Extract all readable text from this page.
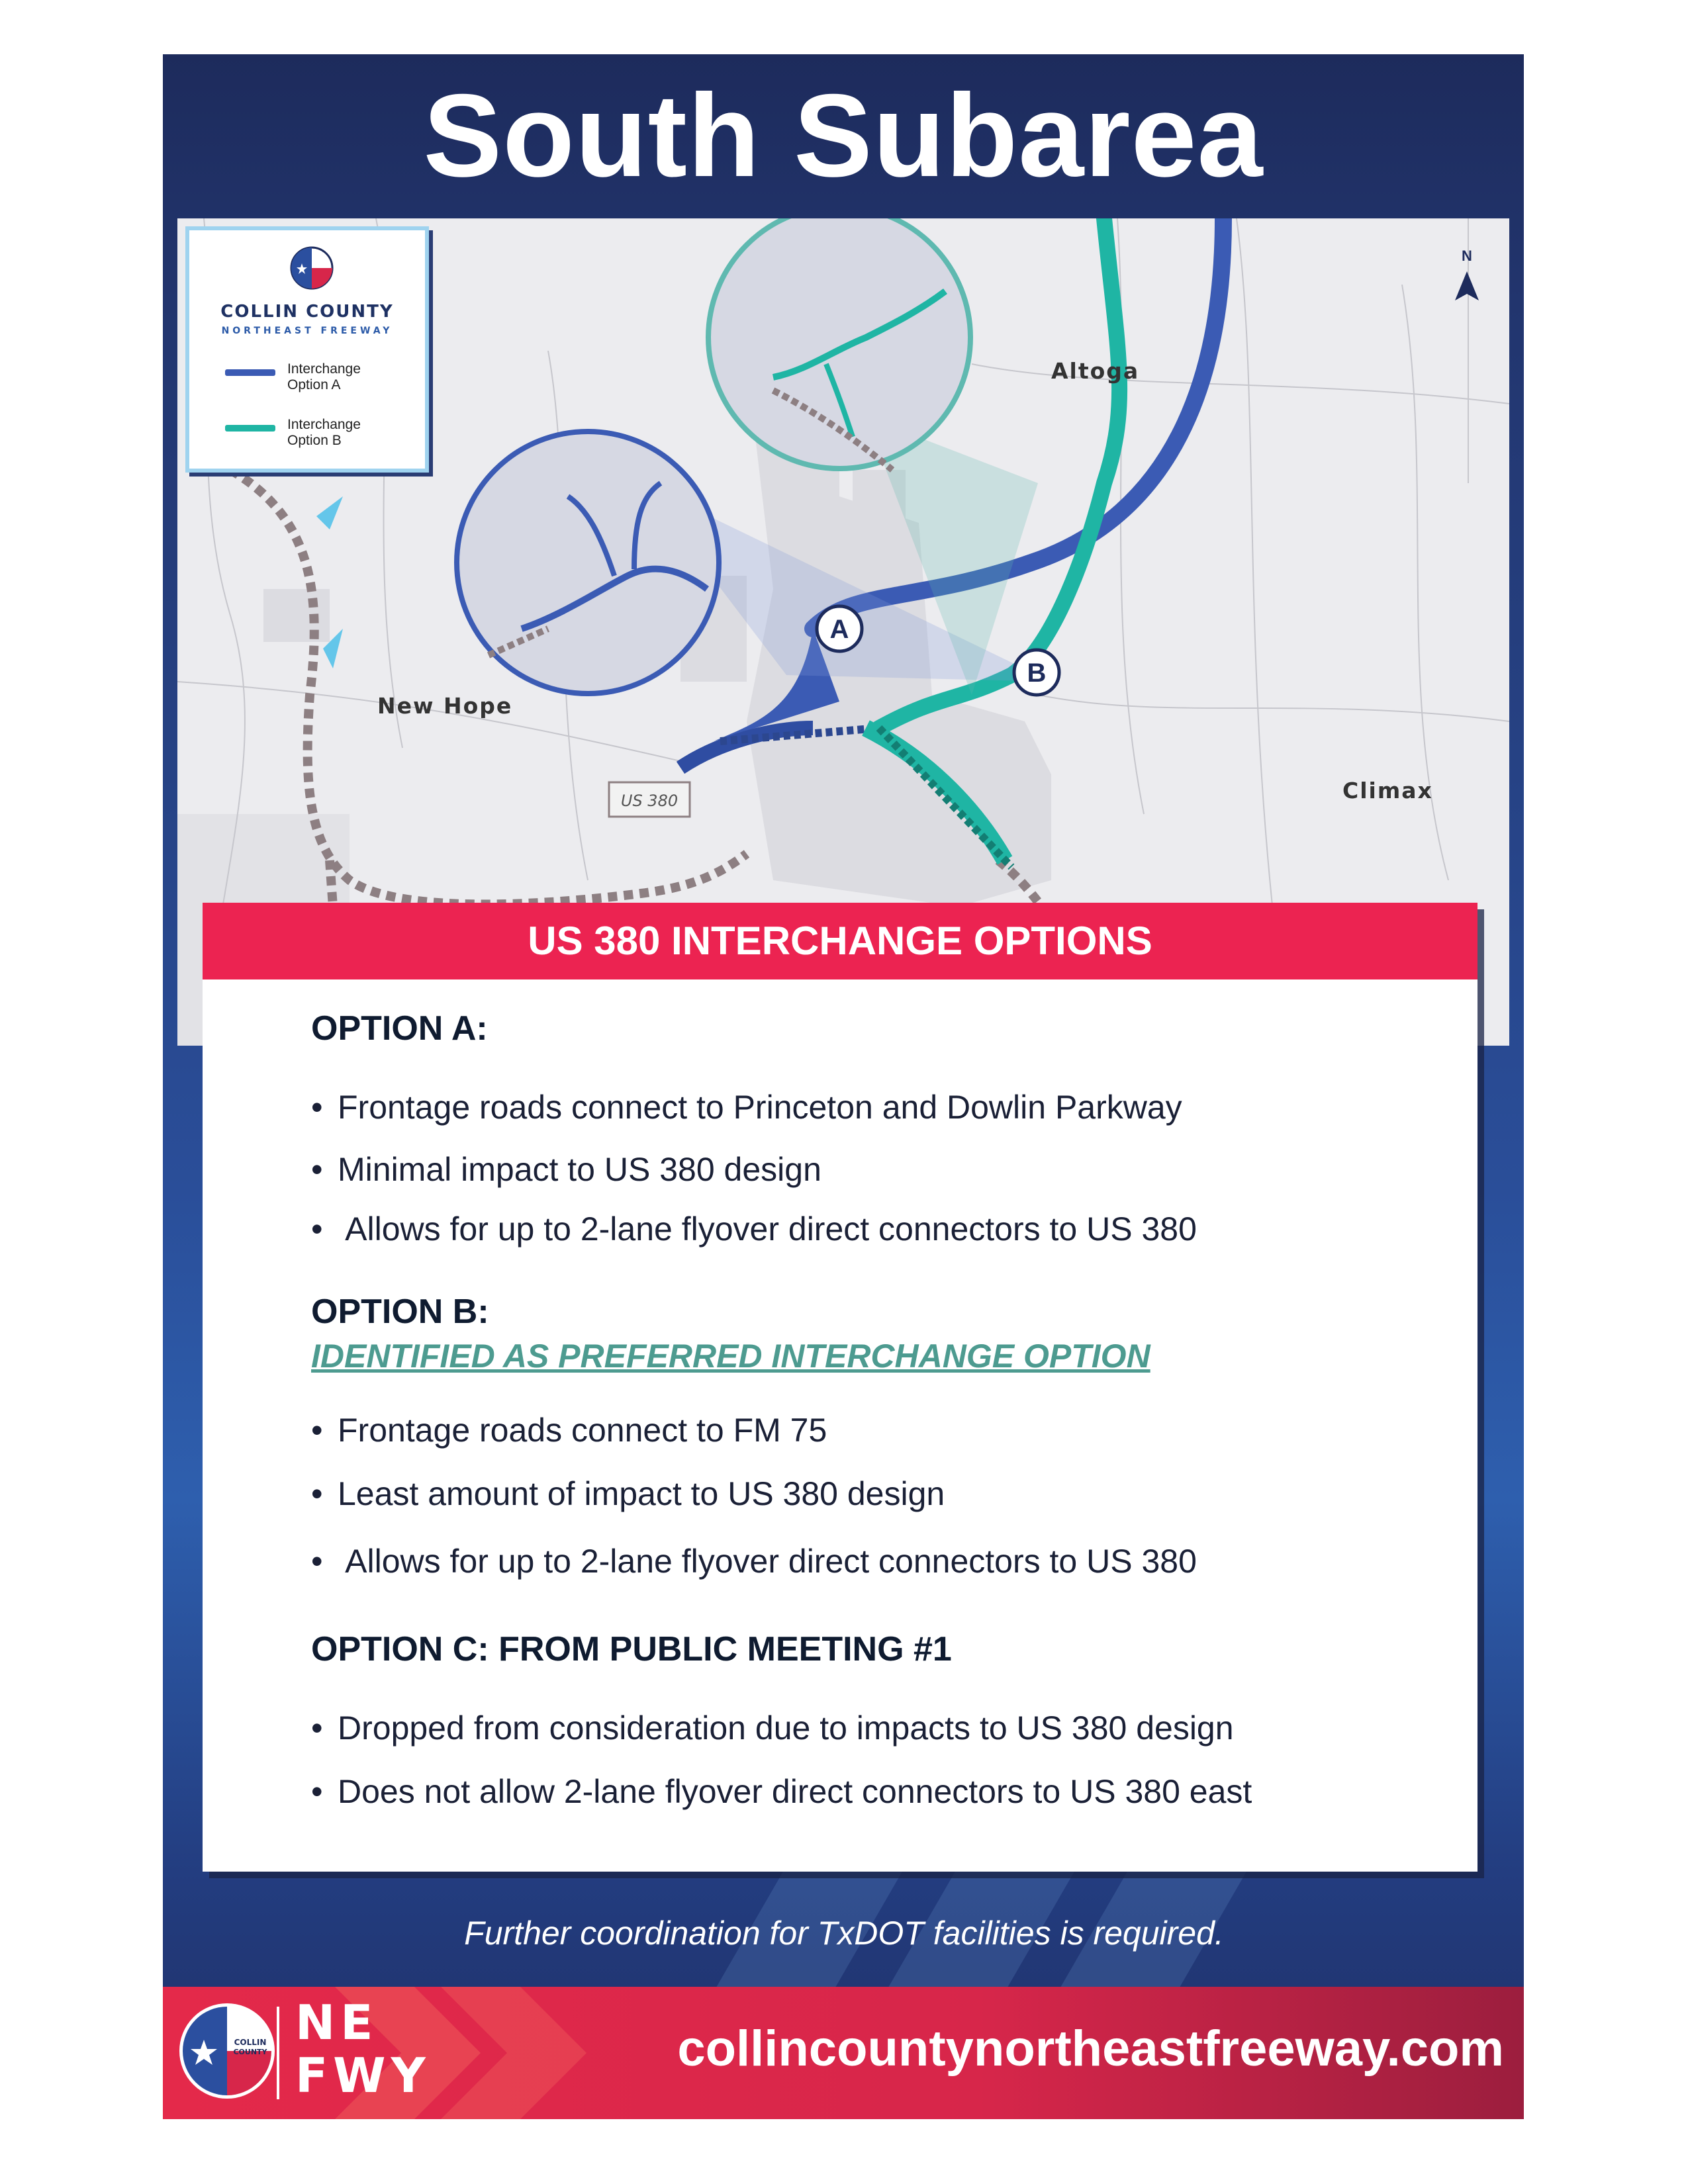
South Subarea
A
B
Altoga
New Hope
Climax
US 380
N
COLLIN COUNTY
NORTHEAST FREEWAY
Interchange
Option A
Interchange
Option B
US 380 INTERCHANGE OPTIONS
OPTION A:
• Frontage roads connect to Princeton and Dowlin Parkway
• Minimal impact to US 380 design
• Allows for up to 2-lane flyover direct connectors to US 380
OPTION B:
IDENTIFIED AS PREFERRED INTERCHANGE OPTION
• Frontage roads connect to FM 75
• Least amount of impact to US 380 design
• Allows for up to 2-lane flyover direct connectors to US 380
OPTION C: FROM PUBLIC MEETING #1
• Dropped from consideration due to impacts to US 380 design
• Does not allow 2-lane flyover direct connectors to US 380 east
Further coordination for TxDOT facilities is required.
COLLIN
COUNTY
NE
FWY	collincountynortheastfreeway.com
